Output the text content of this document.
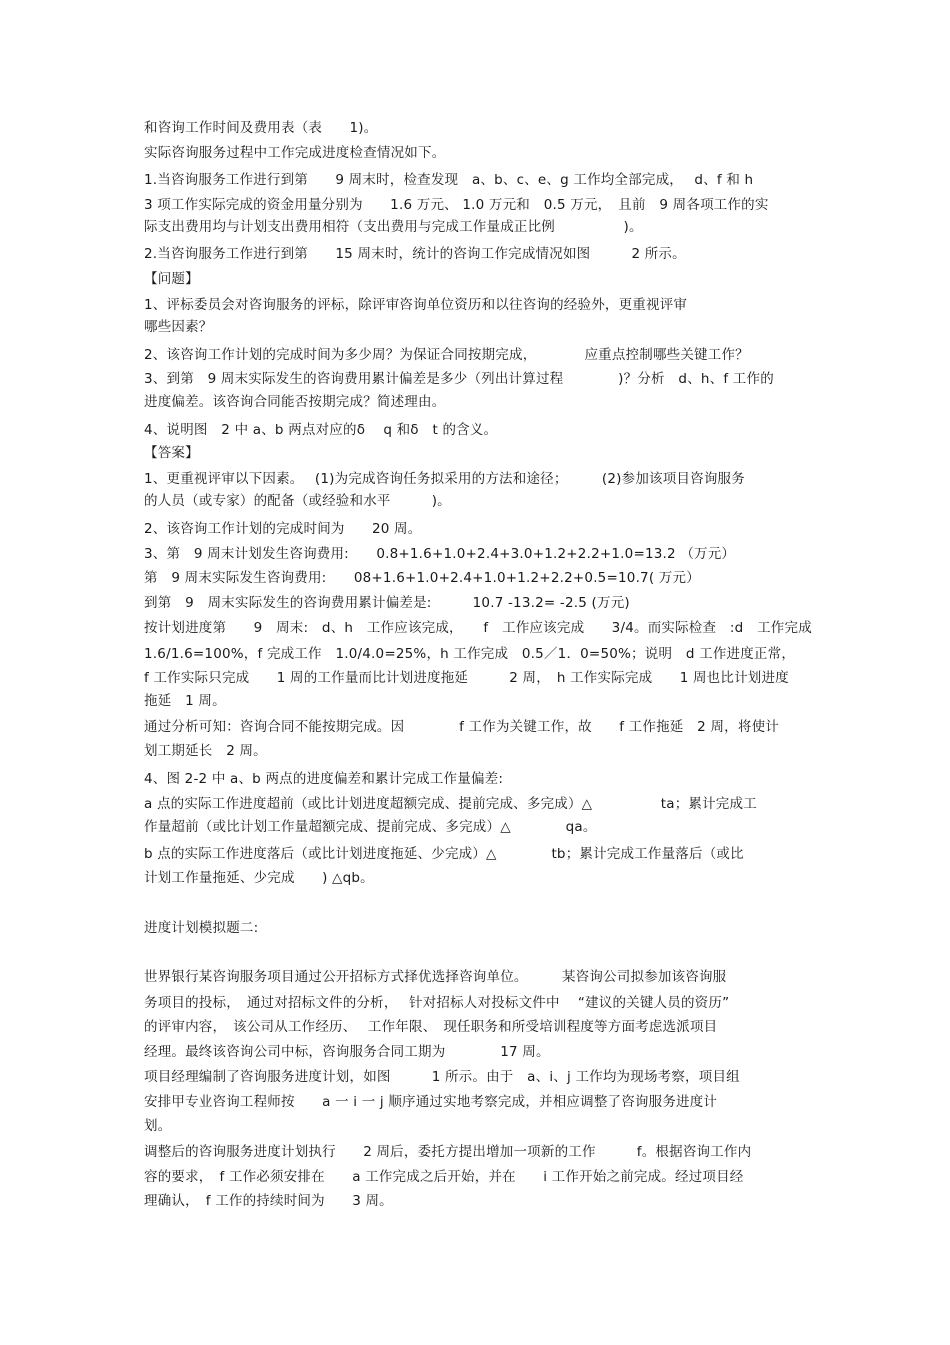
和咨询工作时间及费用表（表　　1)。
实际咨询服务过程中工作完成进度检查情况如下。
1.当咨询服务工作进行到第　　9 周末时，检查发现　a、b、c、e、g 工作均全部完成，　 d、f 和 h
3 项工作实际完成的资金用量分别为　　1.6 万元、 1.0 万元和　0.5 万元，　且前　9 周各项工作的实
际支出费用均与计划支出费用相符（支出费用与完成工作量成正比例　　　　　)。
2.当咨询服务工作进行到第　　15 周末时，统计的咨询工作完成情况如图　　　2 所示。
【问题】
1、评标委员会对咨询服务的评标，除评审咨询单位资历和以往咨询的经验外，更重视评审
哪些因素？
2、该咨询工作计划的完成时间为多少周？为保证合同按期完成，　　　　应重点控制哪些关键工作？
3、到第　9 周末实际发生的咨询费用累计偏差是多少（列出计算过程　　　　)？分析　d、h、f 工作的
进度偏差。该咨询合同能否按期完成？简述理由。
4、说明图　2 中 a、b 两点对应的δ　 q 和δ　t 的含义。
【答案】
1、更重视评审以下因素。　 (1)为完成咨询任务拟采用的方法和途径；　　　(2)参加该项目咨询服务
的人员（或专家）的配备（或经验和水平　　　)。
2、该咨询工作计划的完成时间为　　20 周。
3、第　9 周末计划发生咨询费用:　　0.8+1.6+1.0+2.4+3.0+1.2+2.2+1.0=13.2 （万元）
第　9 周末实际发生咨询费用:　　08+1.6+1.0+2.4+1.0+1.2+2.2+0.5=10.7( 万元）
到第　9　周末实际发生的咨询费用累计偏差是:　　　10.7 -13.2= -2.5 (万元)
按计划进度第　　9　周末:　d、h　工作应该完成，　　f　工作应该完成　　3/4。而实际检查　:d　工作完成
1.6/1.6=100%，f 完成工作　1.0/4.0=25%，h 工作完成　0.5／1．0=50%；说明　d 工作进度正常，
f 工作实际只完成　　1 周的工作量而比计划进度拖延　　　2 周，　h 工作实际完成　　1 周也比计划进度
拖延　1 周。
通过分析可知：咨询合同不能按期完成。因　　　　f 工作为关键工作，故　　f 工作拖延　2 周，将使计
划工期延长　2 周。
4、图 2-2 中 a、b 两点的进度偏差和累计完成工作量偏差:
a 点的实际工作进度超前（或比计划进度超额完成、提前完成、多完成）△　　　　　ta；累计完成工
作量超前（或比计划工作量超额完成、提前完成、多完成）△　　　　qa。
b 点的实际工作进度落后（或比计划进度拖延、少完成）△　　　　tb；累计完成工作量落后（或比
计划工作量拖延、少完成　　) △qb。
进度计划模拟题二:
世界银行某咨询服务项目通过公开招标方式择优选择咨询单位。　　　某咨询公司拟参加该咨询服
务项目的投标，　通过对招标文件的分析，　 针对招标人对投标文件中　 “建议的关键人员的资历”
的评审内容，　该公司从工作经历、　 工作年限、　现任职务和所受培训程度等方面考虑选派项目
经理。最终该咨询公司中标，咨询服务合同工期为　　　　17 周。
项目经理编制了咨询服务进度计划，如图　　　1 所示。由于　a、i、j 工作均为现场考察，项目组
安排甲专业咨询工程师按　　a 一 i 一 j 顺序通过实地考察完成，并相应调整了咨询服务进度计
划。
调整后的咨询服务进度计划执行　　2 周后，委托方提出增加一项新的工作　　　f。根据咨询工作内
容的要求，　f 工作必须安排在　　a 工作完成之后开始，并在　　i 工作开始之前完成。经过项目经
理确认，　f 工作的持续时间为　　3 周。
